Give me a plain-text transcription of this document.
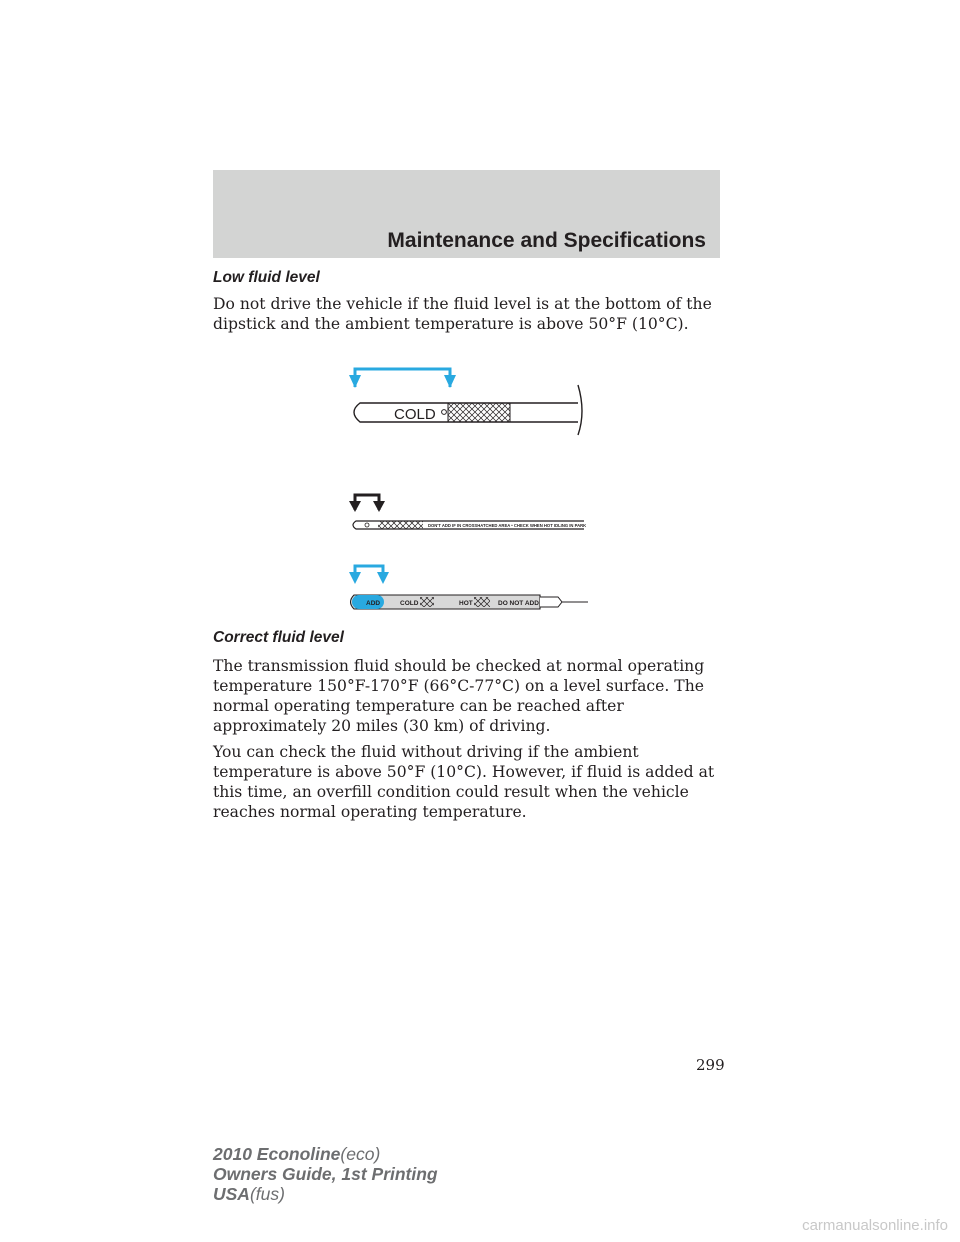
Maintenance and Specifications
Low fluid level

Do not drive the vehicle if the fluid level is at the bottom of the dipstick and the ambient temperature is above 50°F (10°C).

COLD
DON'T ADD IF IN CROSSHATCHED AREA • CHECK WHEN HOT IDLING IN PARK
ADD	COLD	HOT	DO NOT ADD
Correct fluid level

The transmission fluid should be checked at normal operating temperature 150°F-170°F (66°C-77°C) on a level surface. The normal operating temperature can be reached after approximately 20 miles (30 km) of driving.

You can check the fluid without driving if the ambient temperature is above 50°F (10°C). However, if fluid is added at this time, an overfill condition could result when the vehicle reaches normal operating temperature.

299
2010 Econoline(eco)
Owners Guide, 1st Printing
USA(fus)
carmanualsonline.info
